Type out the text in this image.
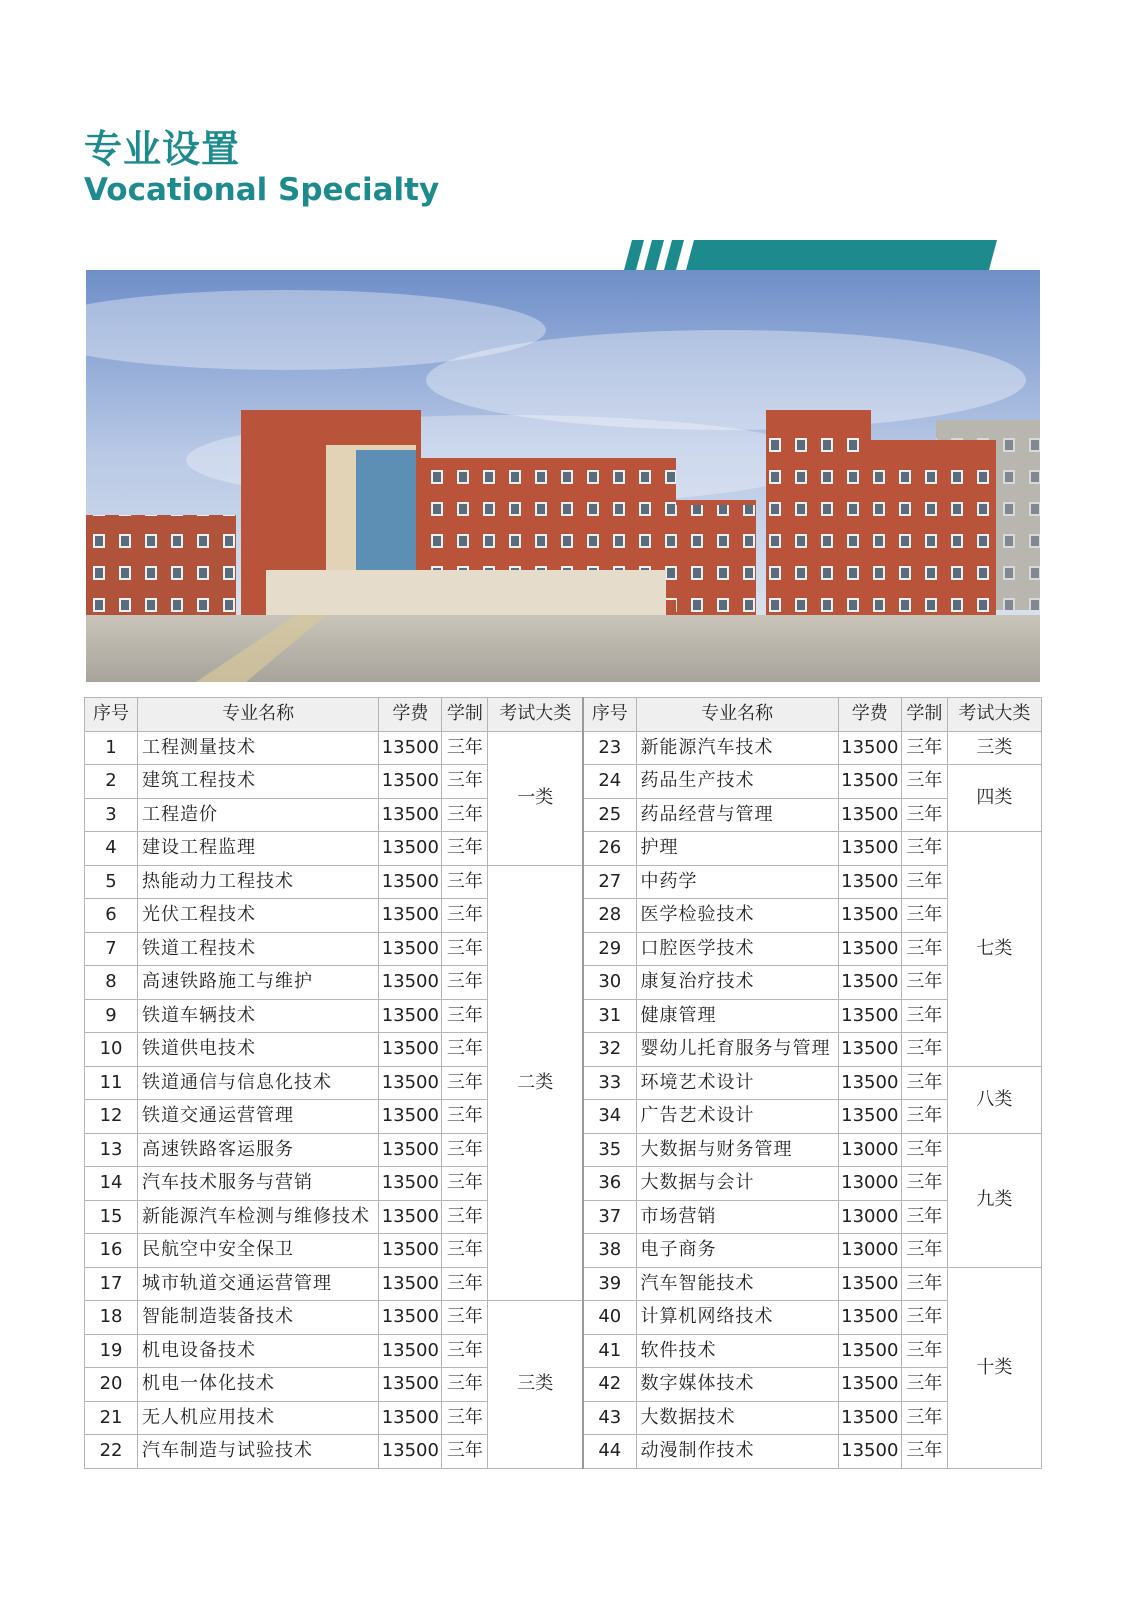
专业设置
Vocational Specialty
序号	专业名称	学费	学制	考试大类	序号	专业名称	学费	学制	考试大类
1	工程测量技术	13500	三年	一类	23	新能源汽车技术	13500	三年	三类
2	建筑工程技术	13500	三年		24	药品生产技术	13500	三年	四类
3	工程造价	13500	三年		25	药品经营与管理	13500	三年	
4	建设工程监理	13500	三年		26	护理	13500	三年	七类
5	热能动力工程技术	13500	三年	二类	27	中药学	13500	三年	
6	光伏工程技术	13500	三年		28	医学检验技术	13500	三年	
7	铁道工程技术	13500	三年		29	口腔医学技术	13500	三年	
8	高速铁路施工与维护	13500	三年		30	康复治疗技术	13500	三年	
9	铁道车辆技术	13500	三年		31	健康管理	13500	三年	
10	铁道供电技术	13500	三年		32	婴幼儿托育服务与管理	13500	三年	
11	铁道通信与信息化技术	13500	三年		33	环境艺术设计	13500	三年	八类
12	铁道交通运营管理	13500	三年		34	广告艺术设计	13500	三年	
13	高速铁路客运服务	13500	三年		35	大数据与财务管理	13000	三年	九类
14	汽车技术服务与营销	13500	三年		36	大数据与会计	13000	三年	
15	新能源汽车检测与维修技术	13500	三年		37	市场营销	13000	三年	
16	民航空中安全保卫	13500	三年		38	电子商务	13000	三年	
17	城市轨道交通运营管理	13500	三年		39	汽车智能技术	13500	三年	十类
18	智能制造装备技术	13500	三年	三类	40	计算机网络技术	13500	三年	
19	机电设备技术	13500	三年		41	软件技术	13500	三年	
20	机电一体化技术	13500	三年		42	数字媒体技术	13500	三年	
21	无人机应用技术	13500	三年		43	大数据技术	13500	三年	
22	汽车制造与试验技术	13500	三年		44	动漫制作技术	13500	三年	
